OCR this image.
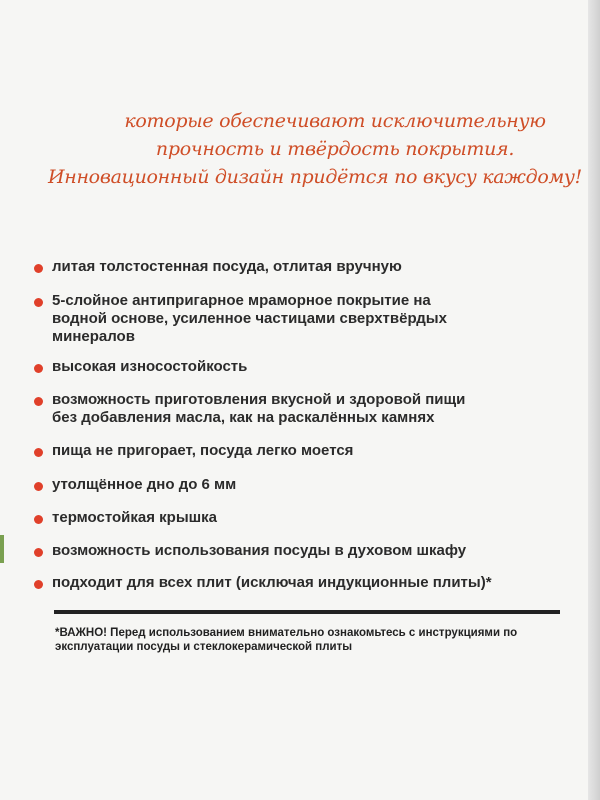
которые обеспечивают исключительную
прочность и твёрдость покрытия.
Инновационный дизайн придётся по вкусу каждому!
литая толстостенная посуда, отлитая вручную
5-слойное антипригарное мраморное покрытие на
водной основе, усиленное частицами сверхтвёрдых
минералов
высокая износостойкость
возможность приготовления вкусной и здоровой пищи
без добавления масла, как на раскалённых камнях
пища не пригорает, посуда легко моется
утолщённое дно до 6 мм
термостойкая крышка
возможность использования посуды в духовом шкафу
подходит для всех плит (исключая индукционные плиты)*
*ВАЖНО! Перед использованием внимательно ознакомьтесь с инструкциями по эксплуатации посуды и стеклокерамической плиты
